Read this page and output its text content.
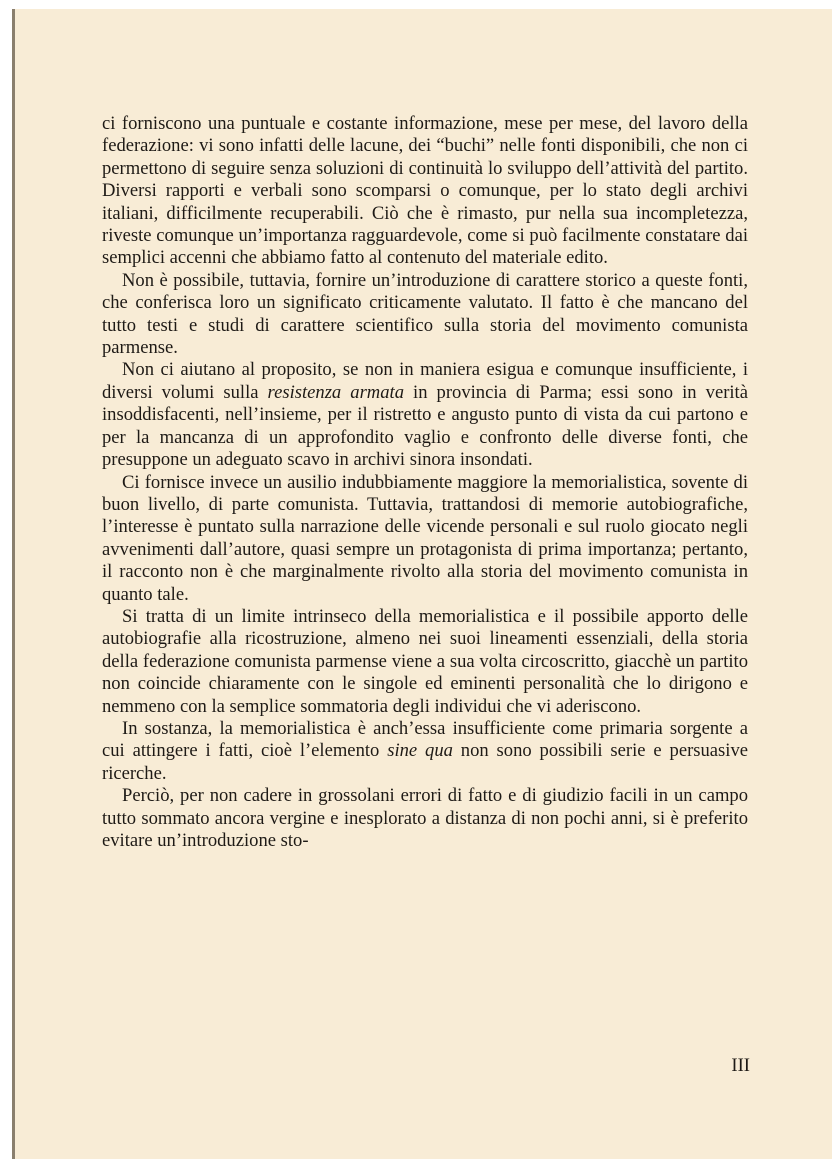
ci forniscono una puntuale e costante informazione, mese per mese, del lavoro della federazione: vi sono infatti delle lacune, dei “buchi” nelle fonti disponibili, che non ci permettono di seguire senza soluzioni di continuità lo sviluppo dell’attività del partito. Diversi rapporti e verbali sono scomparsi o comunque, per lo stato degli archivi italiani, difficilmente recuperabili. Ciò che è rimasto, pur nella sua incompletezza, riveste comunque un’importanza ragguardevole, come si può facilmente constatare dai semplici accenni che abbiamo fatto al contenuto del materiale edito.

Non è possibile, tuttavia, fornire un’introduzione di carattere storico a queste fonti, che conferisca loro un significato criticamente valutato. Il fatto è che mancano del tutto testi e studi di carattere scientifico sulla storia del movimento comunista parmense.

Non ci aiutano al proposito, se non in maniera esigua e comunque insufficiente, i diversi volumi sulla resistenza armata in provincia di Parma; essi sono in verità insoddisfacenti, nell’insieme, per il ristretto e angusto punto di vista da cui partono e per la mancanza di un approfondito vaglio e confronto delle diverse fonti, che presuppone un adeguato scavo in archivi sinora insondati.

Ci fornisce invece un ausilio indubbiamente maggiore la memorialistica, sovente di buon livello, di parte comunista. Tuttavia, trattandosi di memorie autobiografiche, l’interesse è puntato sulla narrazione delle vicende personali e sul ruolo giocato negli avvenimenti dall’autore, quasi sempre un protagonista di prima importanza; pertanto, il racconto non è che marginalmente rivolto alla storia del movimento comunista in quanto tale.

Si tratta di un limite intrinseco della memorialistica e il possibile apporto delle autobiografie alla ricostruzione, almeno nei suoi lineamenti essenziali, della storia della federazione comunista parmense viene a sua volta circoscritto, giacchè un partito non coincide chiaramente con le singole ed eminenti personalità che lo dirigono e nemmeno con la semplice sommatoria degli individui che vi aderiscono.

In sostanza, la memorialistica è anch’essa insufficiente come primaria sorgente a cui attingere i fatti, cioè l’elemento sine qua non sono possibili serie e persuasive ricerche.

Perciò, per non cadere in grossolani errori di fatto e di giudizio facili in un campo tutto sommato ancora vergine e inesplorato a distanza di non pochi anni, si è preferito evitare un’introduzione sto-

III
